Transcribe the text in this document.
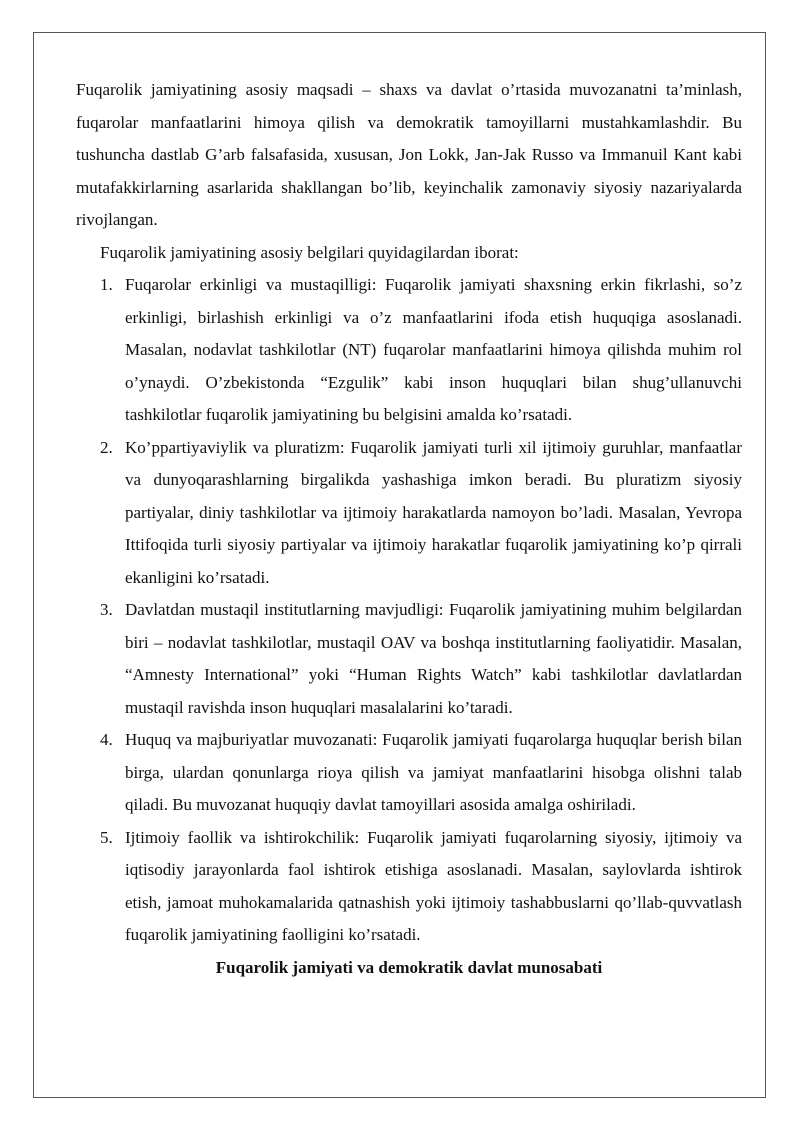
Fuqarolik jamiyatining asosiy maqsadi – shaxs va davlat o’rtasida muvozanatni ta’minlash, fuqarolar manfaatlarini himoya qilish va demokratik tamoyillarni mustahkamlashdir. Bu tushuncha dastlab G’arb falsafasida, xususan, Jon Lokk, Jan-Jak Russo va Immanuil Kant kabi mutafakkirlarning asarlarida shakllangan bo’lib, keyinchalik zamonaviy siyosiy nazariyalarda rivojlangan.

Fuqarolik jamiyatining asosiy belgilari quyidagilardan iborat:

1. Fuqarolar erkinligi va mustaqilligi: Fuqarolik jamiyati shaxsning erkin fikrlashi, so’z erkinligi, birlashish erkinligi va o’z manfaatlarini ifoda etish huquqiga asoslanadi. Masalan, nodavlat tashkilotlar (NT) fuqarolar manfaatlarini himoya qilishda muhim rol o’ynaydi. O’zbekistonda “Ezgulik” kabi inson huquqlari bilan shug’ullanuvchi tashkilotlar fuqarolik jamiyatining bu belgisini amalda ko’rsatadi.
2. Ko’ppartiyaviylik va pluratizm: Fuqarolik jamiyati turli xil ijtimoiy guruhlar, manfaatlar va dunyoqarashlarning birgalikda yashashiga imkon beradi. Bu pluratizm siyosiy partiyalar, diniy tashkilotlar va ijtimoiy harakatlarda namoyon bo’ladi. Masalan, Yevropa Ittifoqida turli siyosiy partiyalar va ijtimoiy harakatlar fuqarolik jamiyatining ko’p qirrali ekanligini ko’rsatadi.
3. Davlatdan mustaqil institutlarning mavjudligi: Fuqarolik jamiyatining muhim belgilardan biri – nodavlat tashkilotlar, mustaqil OAV va boshqa institutlarning faoliyatidir. Masalan, “Amnesty International” yoki “Human Rights Watch” kabi tashkilotlar davlatlardan mustaqil ravishda inson huquqlari masalalarini ko’taradi.
4. Huquq va majburiyatlar muvozanati: Fuqarolik jamiyati fuqarolarga huquqlar berish bilan birga, ulardan qonunlarga rioya qilish va jamiyat manfaatlarini hisobga olishni talab qiladi. Bu muvozanat huquqiy davlat tamoyillari asosida amalga oshiriladi.
5. Ijtimoiy faollik va ishtirokchilik: Fuqarolik jamiyati fuqarolarning siyosiy, ijtimoiy va iqtisodiy jarayonlarda faol ishtirok etishiga asoslanadi. Masalan, saylovlarda ishtirok etish, jamoat muhokamalarida qatnashish yoki ijtimoiy tashabbuslarni qo’llab-quvvatlash fuqarolik jamiyatining faolligini ko’rsatadi.

Fuqarolik jamiyati va demokratik davlat munosabati
